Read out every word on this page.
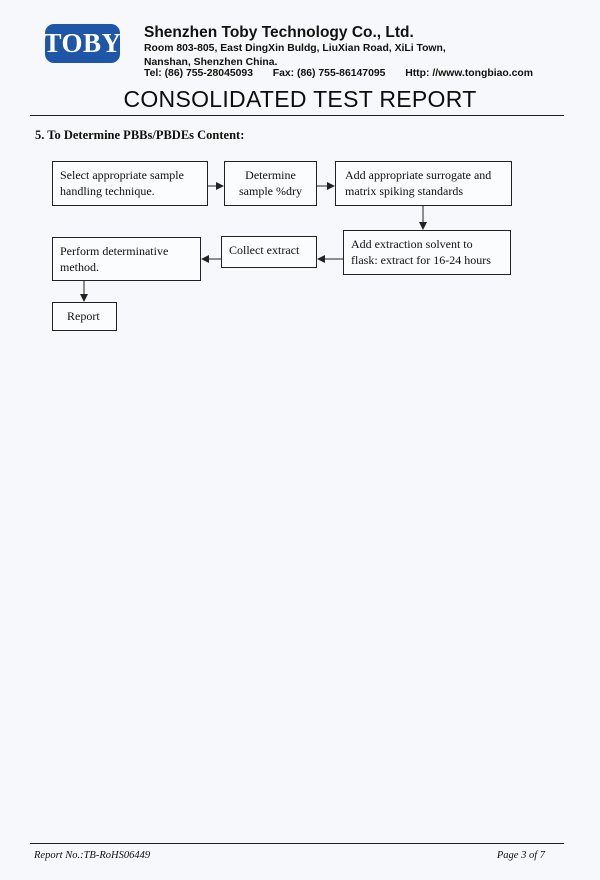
TOBY Shenzhen Toby Technology Co., Ltd.
Room 803-805, East DingXin Buldg, LiuXian Road, XiLi Town,
Nanshan, Shenzhen China.
Tel: (86) 755-28045093 Fax: (86) 755-86147095 Http: //www.tongbiao.com
CONSOLIDATED TEST REPORT
5. To Determine PBBs/PBDEs Content:
Select appropriate sample
handling technique.
Determine
sample %dry
Add appropriate surrogate and
matrix spiking standards
Add extraction solvent to
flask: extract for 16-24 hours
Collect extract
Perform determinative
method.
Report
Report No.:TB-RoHS06449	Page 3 of 7
